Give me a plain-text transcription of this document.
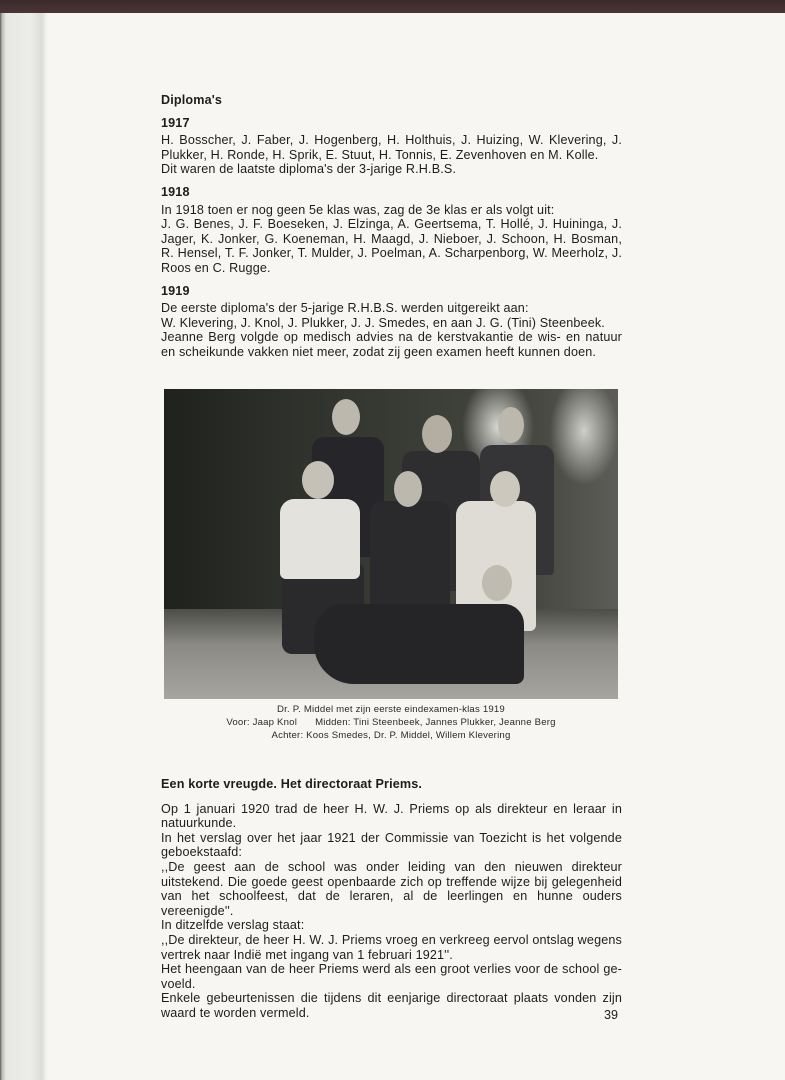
Diploma's
1917

H. Bosscher, J. Faber, J. Hogenberg, H. Holthuis, J. Huizing, W. Klevering, J. Plukker, H. Ronde, H. Sprik, E. Stuut, H. Tonnis, E. Zevenhoven en M. Kolle.

Dit waren de laatste diploma's der 3-jarige R.H.B.S.

1918

In 1918 toen er nog geen 5e klas was, zag de 3e klas er als volgt uit:

J. G. Benes, J. F. Boeseken, J. Elzinga, A. Geertsema, T. Hollé, J. Huininga, J. Jager, K. Jonker, G. Koeneman, H. Maagd, J. Nieboer, J. Schoon, H. Bosman, R. Hensel, T. F. Jonker, T. Mulder, J. Poelman, A. Scharpenborg, W. Meerholz, J. Roos en C. Rugge.

1919

De eerste diploma's der 5-jarige R.H.B.S. werden uitgereikt aan:

W. Klevering, J. Knol, J. Plukker, J. J. Smedes, en aan J. G. (Tini) Steenbeek.

Jeanne Berg volgde op medisch advies na de kerstvakantie de wis- en natuur en scheikunde vakken niet meer, zodat zij geen examen heeft kunnen doen.

Dr. P. Middel met zijn eerste eindexamen-klas 1919
Voor: Jaap Knol Midden: Tini Steenbeek, Jannes Plukker, Jeanne Berg
Achter: Koos Smedes, Dr. P. Middel, Willem Klevering
Een korte vreugde. Het directoraat Priems.

Op 1 januari 1920 trad de heer H. W. J. Priems op als direkteur en leraar in natuurkunde.

In het verslag over het jaar 1921 der Commissie van Toezicht is het volgende geboekstaafd:

,,De geest aan de school was onder leiding van den nieuwen direkteur uitstekend. Die goede geest openbaarde zich op treffende wijze bij gelegenheid van het schoolfeest, dat de leraren, al de leerlingen en hunne ouders vereenigde''.

In ditzelfde verslag staat:

,,De direkteur, de heer H. W. J. Priems vroeg en verkreeg eervol ontslag wegens vertrek naar Indië met ingang van 1 februari 1921''.

Het heengaan van de heer Priems werd als een groot verlies voor de school ge-voeld.

Enkele gebeurtenissen die tijdens dit eenjarige directoraat plaats vonden zijn waard te worden vermeld.	39
